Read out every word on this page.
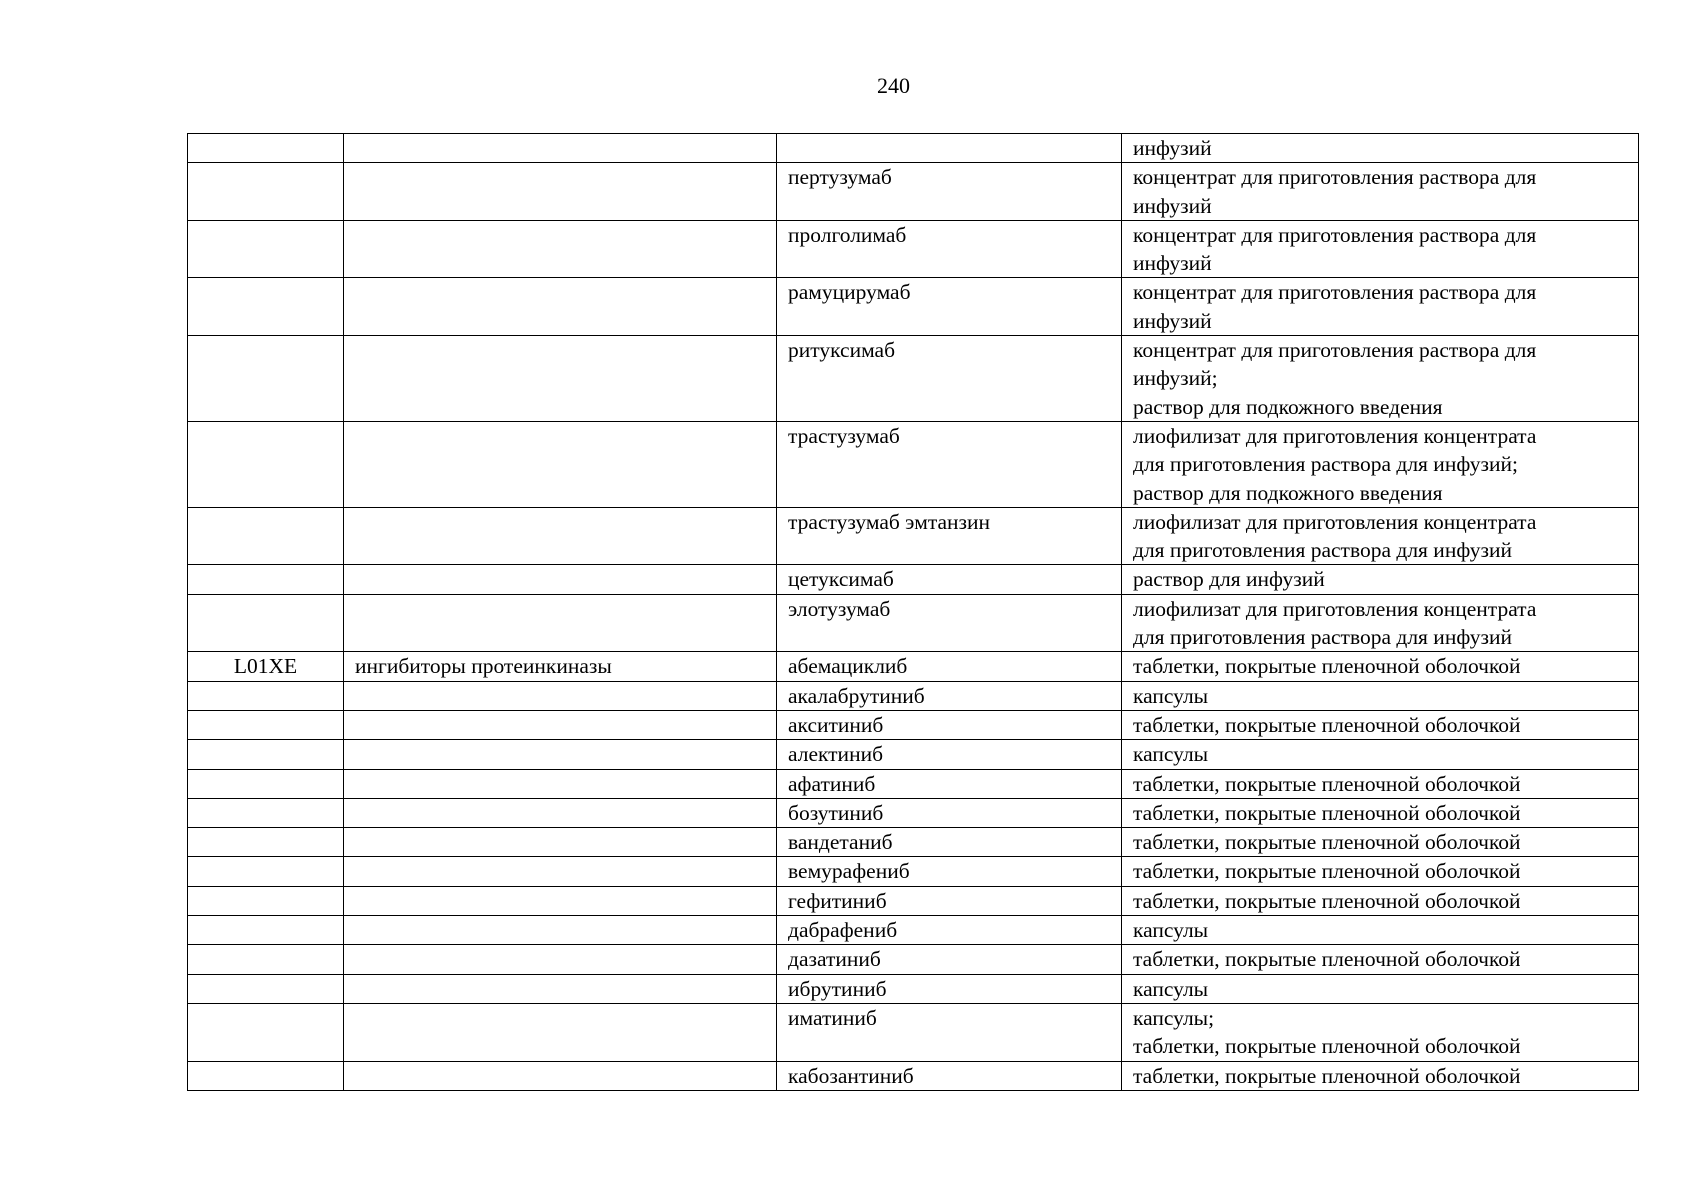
240
			инфузий
		пертузумаб	концентрат для приготовления раствора для
инфузий
		пролголимаб	концентрат для приготовления раствора для
инфузий
		рамуцирумаб	концентрат для приготовления раствора для
инфузий
		ритуксимаб	концентрат для приготовления раствора для
инфузий;
раствор для подкожного введения
		трастузумаб	лиофилизат для приготовления концентрата
для приготовления раствора для инфузий;
раствор для подкожного введения
		трастузумаб эмтанзин	лиофилизат для приготовления концентрата
для приготовления раствора для инфузий
		цетуксимаб	раствор для инфузий
		элотузумаб	лиофилизат для приготовления концентрата
для приготовления раствора для инфузий
L01XE	ингибиторы протеинкиназы	абемациклиб	таблетки, покрытые пленочной оболочкой
		акалабрутиниб	капсулы
		акситиниб	таблетки, покрытые пленочной оболочкой
		алектиниб	капсулы
		афатиниб	таблетки, покрытые пленочной оболочкой
		бозутиниб	таблетки, покрытые пленочной оболочкой
		вандетаниб	таблетки, покрытые пленочной оболочкой
		вемурафениб	таблетки, покрытые пленочной оболочкой
		гефитиниб	таблетки, покрытые пленочной оболочкой
		дабрафениб	капсулы
		дазатиниб	таблетки, покрытые пленочной оболочкой
		ибрутиниб	капсулы
		иматиниб	капсулы;
таблетки, покрытые пленочной оболочкой
		кабозантиниб	таблетки, покрытые пленочной оболочкой
